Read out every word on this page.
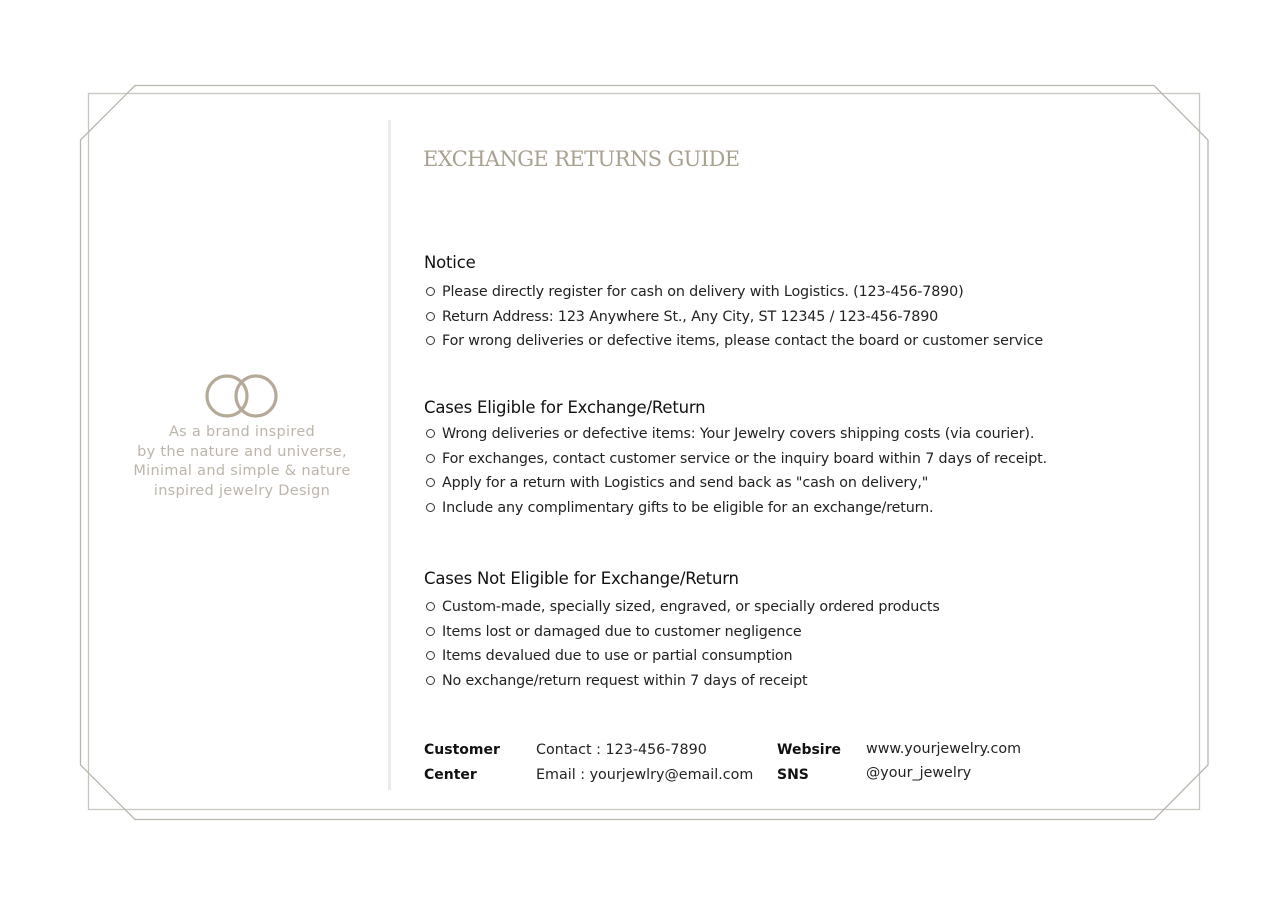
As a brand inspired
by the nature and universe,
Minimal and simple & nature
inspired jewelry Design
EXCHANGE RETURNS GUIDE
Notice
Please directly register for cash on delivery with Logistics. (123-456-7890)
Return Address: 123 Anywhere St., Any City, ST 12345 / 123-456-7890
For wrong deliveries or defective items, please contact the board or customer service
Cases Eligible for Exchange/Return
Wrong deliveries or defective items: Your Jewelry covers shipping costs (via courier).
For exchanges, contact customer service or the inquiry board within 7 days of receipt.
Apply for a return with Logistics and send back as "cash on delivery,"
Include any complimentary gifts to be eligible for an exchange/return.
Cases Not Eligible for Exchange/Return
Custom-made, specially sized, engraved, or specially ordered products
Items lost or damaged due to customer negligence
Items devalued due to use or partial consumption
No exchange/return request within 7 days of receipt
Customer
Center
Contact : 123-456-7890
Email : yourjewlry@email.com
Websire
SNS
www.yourjewelry.com
@your_jewelry
